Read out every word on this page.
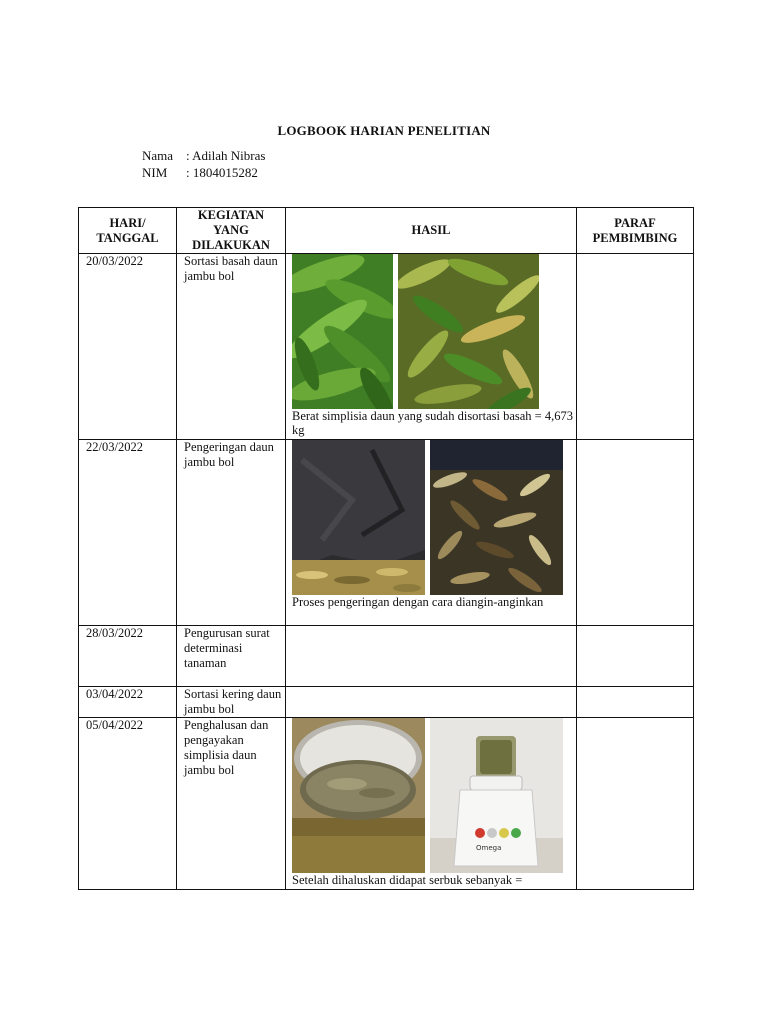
LOGBOOK HARIAN PENELITIAN
Nama : Adilah Nibras
NIM : 1804015282
HARI/ TANGGAL	KEGIATAN YANG DILAKUKAN	HASIL	PARAF PEMBIMBING
20/03/2022	Sortasi basah daun jambu bol	Berat simplisia daun yang sudah disortasi basah = 4,673 kg	

22/03/2022	Pengeringan daun jambu bol	Proses pengeringan dengan cara diangin-anginkan	

28/03/2022	Pengurusan surat determinasi tanaman		
03/04/2022	Sortasi kering daun jambu bol		
05/04/2022	Penghalusan dan pengayakan simplisia daun jambu bol	Omega
Setelah dihaluskan didapat serbuk sebanyak =	
